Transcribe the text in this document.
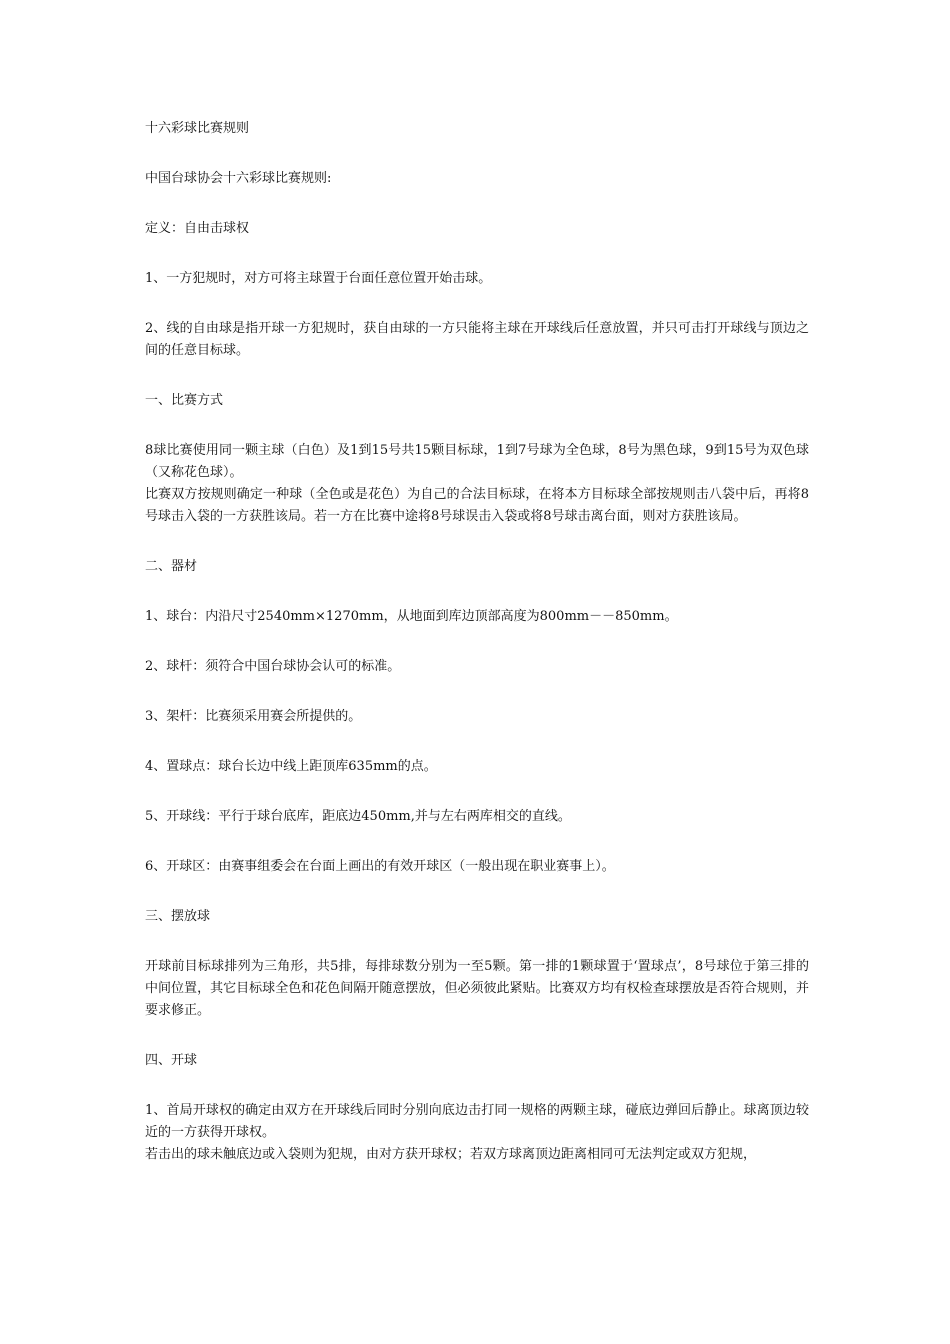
十六彩球比赛规则

中国台球协会十六彩球比赛规则:

定义：自由击球权

1、一方犯规时，对方可将主球置于台面任意位置开始击球。

2、线的自由球是指开球一方犯规时，获自由球的一方只能将主球在开球线后任意放置，并只可击打开球线与顶边之间的任意目标球。

一、比赛方式

8球比赛使用同一颗主球（白色）及1到15号共15颗目标球，1到7号球为全色球，8号为黑色球，9到15号为双色球（又称花色球）。

比赛双方按规则确定一种球（全色或是花色）为自己的合法目标球，在将本方目标球全部按规则击八袋中后，再将8号球击入袋的一方获胜该局。若一方在比赛中途将8号球误击入袋或将8号球击离台面，则对方获胜该局。

二、器材

1、球台：内沿尺寸2540mm×1270mm，从地面到库边顶部高度为800mm－－850mm。

2、球杆：须符合中国台球协会认可的标准。

3、架杆：比赛须采用赛会所提供的。

4、置球点：球台长边中线上距顶库635mm的点。

5、开球线：平行于球台底库，距底边450mm,并与左右两库相交的直线。

6、开球区：由赛事组委会在台面上画出的有效开球区（一般出现在职业赛事上）。

三、摆放球

开球前目标球排列为三角形，共5排，每排球数分别为一至5颗。第一排的1颗球置于‘置球点’，8号球位于第三排的中间位置，其它目标球全色和花色间隔开随意摆放，但必须彼此紧贴。比赛双方均有权检查球摆放是否符合规则，并要求修正。

四、开球

1、首局开球权的确定由双方在开球线后同时分别向底边击打同一规格的两颗主球，碰底边弹回后静止。球离顶边较近的一方获得开球权。

若击出的球未触底边或入袋则为犯规，由对方获开球权；若双方球离顶边距离相同可无法判定或双方犯规，
